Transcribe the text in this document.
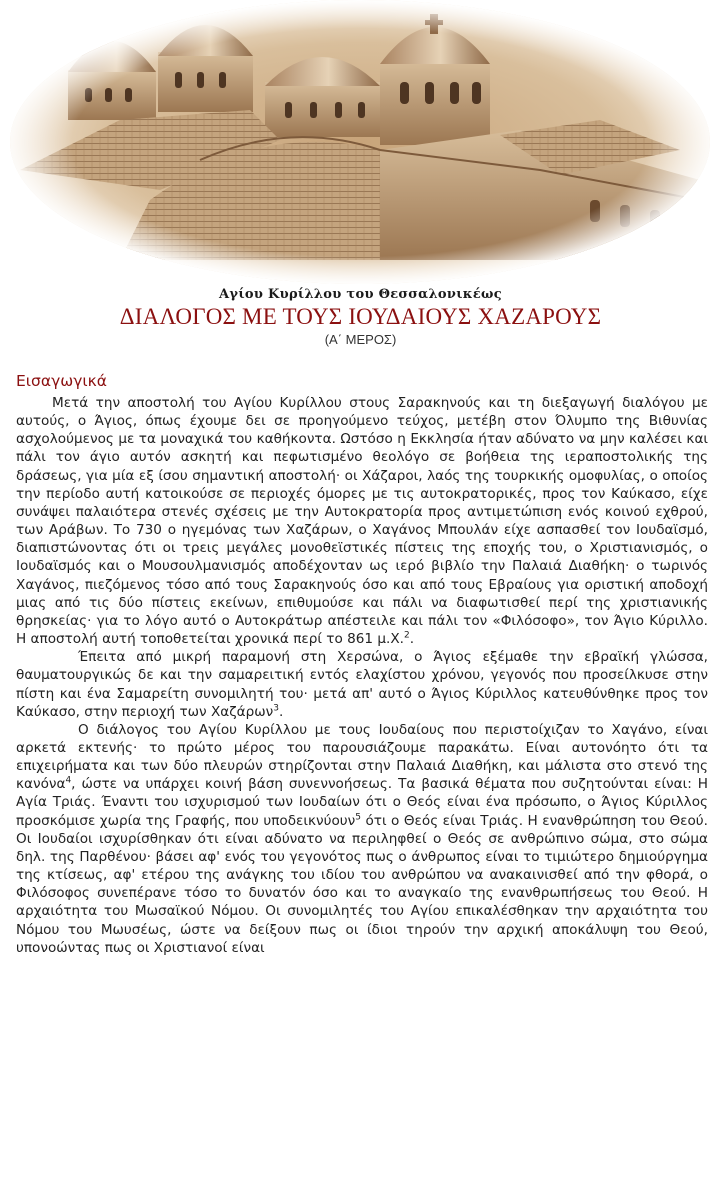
Αγίου Κυρίλλου του Θεσσαλονικέως
ΔΙΑΛΟΓΟΣ ΜΕ ΤΟΥΣ ΙΟΥΔΑΙΟΥΣ ΧΑΖΑΡΟΥΣ
(Α΄ ΜΕΡΟΣ)
Εισαγωγικά

Μετά την αποστολή του Αγίου Κυρίλλου στους Σαρακηνούς και τη διεξαγωγή διαλόγου με αυτούς, ο Άγιος, όπως έχουμε δει σε προηγούμενο τεύχος, μετέβη στον Όλυμπο της Βιθυνίας ασχολούμενος με τα μοναχικά του καθήκοντα. Ωστόσο η Εκκλησία ήταν αδύνατο να μην καλέσει και πάλι τον άγιο αυτόν ασκητή και πεφωτισμένο θεολόγο σε βοήθεια της ιεραποστολικής της δράσεως, για μία εξ ίσου σημαντική αποστολή· οι Χάζαροι, λαός της τουρκικής ομοφυλίας, ο οποίος την περίοδο αυτή κατοικούσε σε περιοχές όμορες με τις αυτοκρατορικές, προς τον Καύκασο, είχε συνάψει παλαιότερα στενές σχέσεις με την Αυτοκρατορία προς αντιμετώπιση ενός κοινού εχθρού, των Αράβων. Το 730 ο ηγεμόνας των Χαζάρων, ο Χαγάνος Μπουλάν είχε ασπασθεί τον Ιουδαϊσμό, διαπιστώνοντας ότι οι τρεις μεγάλες μονοθεϊστικές πίστεις της εποχής του, ο Χριστιανισμός, ο Ιουδαϊσμός και ο Μουσουλμανισμός αποδέχονταν ως ιερό βιβλίο την Παλαιά Διαθήκη· ο τωρινός Χαγάνος, πιεζόμενος τόσο από τους Σαρακηνούς όσο και από τους Εβραίους για οριστική αποδοχή μιας από τις δύο πίστεις εκείνων, επιθυμούσε και πάλι να διαφωτισθεί περί της χριστιανικής θρησκείας· για το λόγο αυτό ο Αυτοκράτωρ απέστειλε και πάλι τον «Φιλόσοφο», τον Άγιο Κύριλλο. Η αποστολή αυτή τοποθετείται χρονικά περί το 861 μ.Χ.$^2$.

Έπειτα από μικρή παραμονή στη Χερσώνα, ο Άγιος εξέμαθε την εβραϊκή γλώσσα, θαυματουργικώς δε και την σαμαρειτική εντός ελαχίστου χρόνου, γεγονός που προσείλκυσε στην πίστη και ένα Σαμαρείτη συνομιλητή του· μετά απ' αυτό ο Άγιος Κύριλλος κατευθύνθηκε προς τον Καύκασο, στην περιοχή των Χαζάρων$^3$.

Ο διάλογος του Αγίου Κυρίλλου με τους Ιουδαίους που περιστοίχιζαν το Χαγάνο, είναι αρκετά εκτενής· το πρώτο μέρος του παρουσιάζουμε παρακάτω. Είναι αυτονόητο ότι τα επιχειρήματα και των δύο πλευρών στηρίζονται στην Παλαιά Διαθήκη, και μάλιστα στο στενό της κανόνα$^4$, ώστε να υπάρχει κοινή βάση συνεννοήσεως. Τα βασικά θέματα που συζητούνται είναι: Η Αγία Τριάς. Έναντι του ισχυρισμού των Ιουδαίων ότι ο Θεός είναι ένα πρόσωπο, ο Άγιος Κύριλλος προσκόμισε χωρία της Γραφής, που υποδεικνύουν$^5$ ότι ο Θεός είναι Τριάς. Η ενανθρώπηση του Θεού. Οι Ιουδαίοι ισχυρίσθηκαν ότι είναι αδύνατο να περιληφθεί ο Θεός σε ανθρώπινο σώμα, στο σώμα δηλ. της Παρθένου· βάσει αφ' ενός του γεγονότος πως ο άνθρωπος είναι το τιμιώτερο δημιούργημα της κτίσεως, αφ' ετέρου της ανάγκης του ιδίου του ανθρώπου να ανακαινισθεί από την φθορά, ο Φιλόσοφος συνεπέρανε τόσο το δυνατόν όσο και το αναγκαίο της ενανθρωπήσεως του Θεού. Η αρχαιότητα του Μωσαϊκού Νόμου. Οι συνομιλητές του Αγίου επικαλέσθηκαν την αρχαιότητα του Νόμου του Μωυσέως, ώστε να δείξουν πως οι ίδιοι τηρούν την αρχική αποκάλυψη του Θεού, υπονοώντας πως οι Χριστιανοί είναι
